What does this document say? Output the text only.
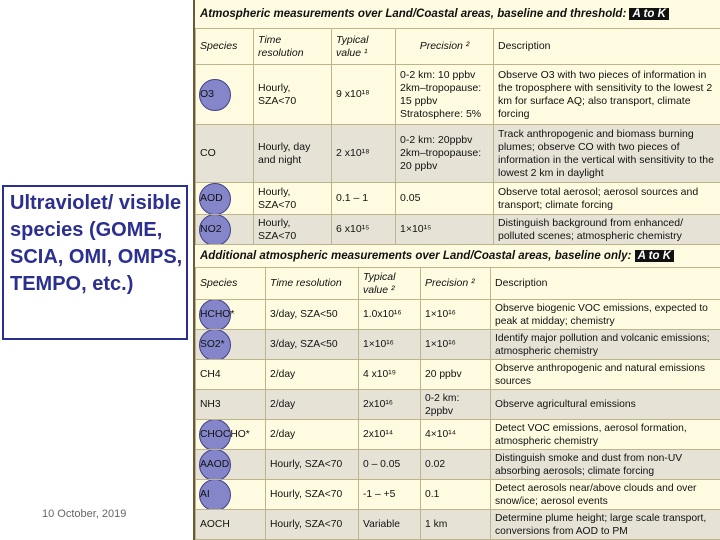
Ultraviolet/ visible species (GOME, SCIA, OMI, OMPS, TEMPO, etc.)
10 October, 2019
Atmospheric measurements over Land/Coastal areas, baseline and threshold: A to K
Species	Time resolution	Typical value ¹	Precision ²	Description

O3	Hourly, SZA<70	9 x10¹⁸	0-2 km: 10 ppbv 2km–tropopause: 15 ppbv Stratosphere: 5%	Observe O3 with two pieces of information in the troposphere with sensitivity to the lowest 2 km for surface AQ; also transport, climate forcing
CO	Hourly, day and night	2 x10¹⁸	0-2 km: 20ppbv 2km–tropopause: 20 ppbv	Track anthropogenic and biomass burning plumes; observe CO with two pieces of information in the vertical with sensitivity to the lowest 2 km in daylight

AOD	Hourly, SZA<70	0.1 – 1	0.05	Observe total aerosol; aerosol sources and transport; climate forcing

NO2	Hourly, SZA<70	6 x10¹⁵	1×10¹⁵	Distinguish background from enhanced/ polluted scenes; atmospheric chemistry
Additional atmospheric measurements over Land/Coastal areas, baseline only: A to K
Species	Time resolution	Typical value ²	Precision ²	Description

HCHO*	3/day, SZA<50	1.0x10¹⁶	1×10¹⁶	Observe biogenic VOC emissions, expected to peak at midday; chemistry

SO2*	3/day, SZA<50	1×10¹⁶	1×10¹⁶	Identify major pollution and volcanic emissions; atmospheric chemistry
CH4	2/day	4 x10¹⁹	20 ppbv	Observe anthropogenic and natural emissions sources
NH3	2/day	2x10¹⁶	0-2 km: 2ppbv	Observe agricultural emissions

CHOCHO*	2/day	2x10¹⁴	4×10¹⁴	Detect VOC emissions, aerosol formation, atmospheric chemistry

AAOD	Hourly, SZA<70	0 – 0.05	0.02	Distinguish smoke and dust from non-UV absorbing aerosols; climate forcing

AI	Hourly, SZA<70	-1 – +5	0.1	Detect aerosols near/above clouds and over snow/ice; aerosol events
AOCH	Hourly, SZA<70	Variable	1 km	Determine plume height; large scale transport, conversions from AOD to PM
